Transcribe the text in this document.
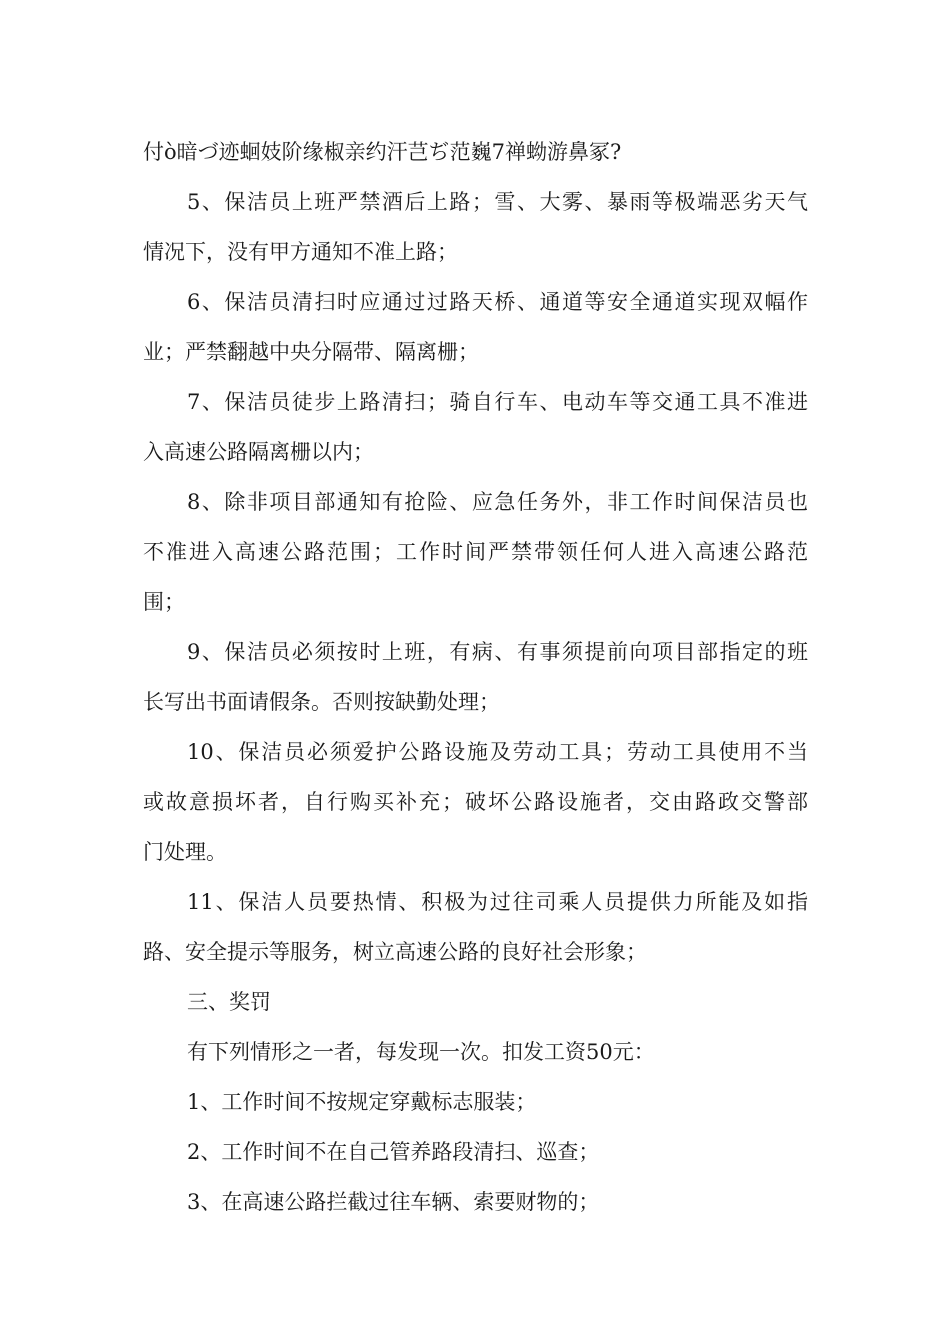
付ò暗づ迹蛔妓阶缘椒亲约汗芑ぢ范巍7禅蚴游鼻冢?
5、保洁员上班严禁酒后上路；雪、大雾、暴雨等极端恶劣天气
情况下，没有甲方通知不准上路；
6、保洁员清扫时应通过过路天桥、通道等安全通道实现双幅作
业；严禁翻越中央分隔带、隔离栅；
7、保洁员徒步上路清扫；骑自行车、电动车等交通工具不准进
入高速公路隔离栅以内；
8、除非项目部通知有抢险、应急任务外，非工作时间保洁员也
不准进入高速公路范围；工作时间严禁带领任何人进入高速公路范
围；
9、保洁员必须按时上班，有病、有事须提前向项目部指定的班
长写出书面请假条。否则按缺勤处理；
10、保洁员必须爱护公路设施及劳动工具；劳动工具使用不当
或故意损坏者，自行购买补充；破坏公路设施者，交由路政交警部
门处理。
11、保洁人员要热情、积极为过往司乘人员提供力所能及如指
路、安全提示等服务，树立高速公路的良好社会形象；
三、奖罚
有下列情形之一者，每发现一次。扣发工资50元：
1、工作时间不按规定穿戴标志服装；
2、工作时间不在自己管养路段清扫、巡查；
3、在高速公路拦截过往车辆、索要财物的；
